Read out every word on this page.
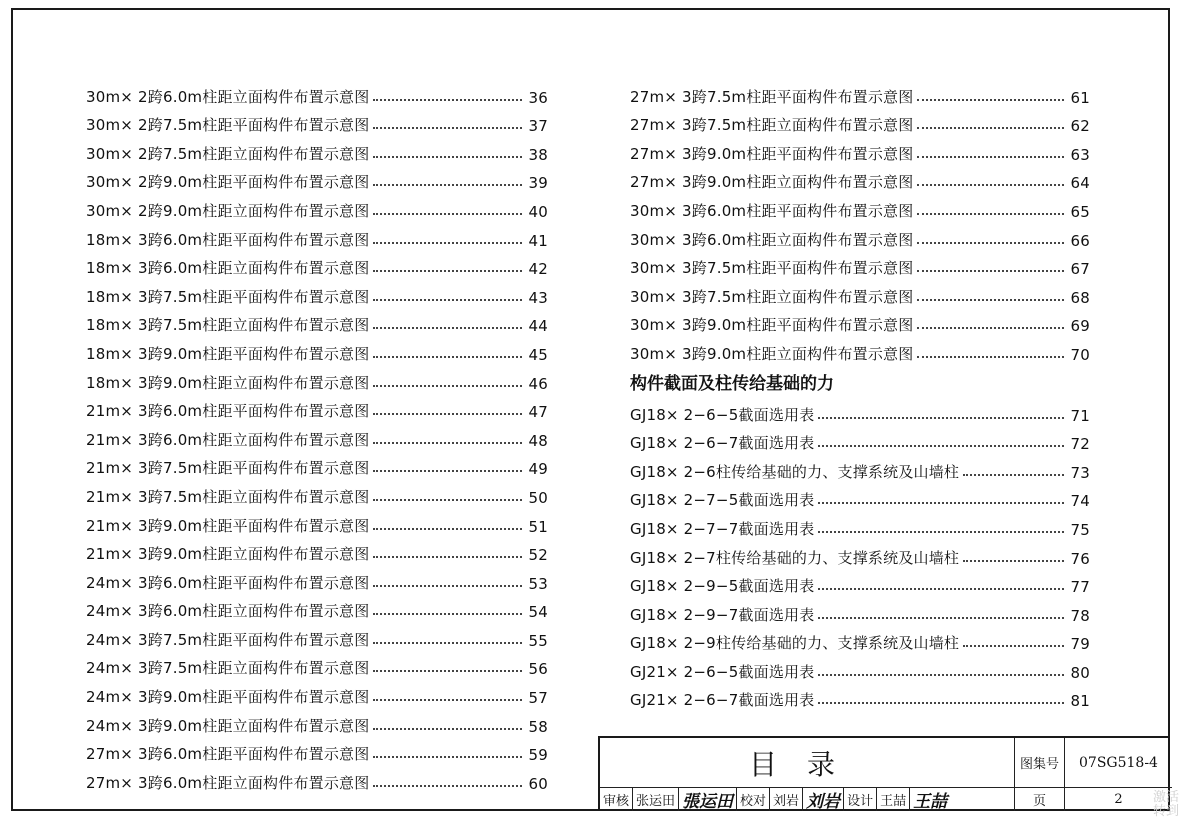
30m× 2跨6.0m柱距立面构件布置示意图	36
30m× 2跨7.5m柱距平面构件布置示意图	37
30m× 2跨7.5m柱距立面构件布置示意图	38
30m× 2跨9.0m柱距平面构件布置示意图	39
30m× 2跨9.0m柱距立面构件布置示意图	40
18m× 3跨6.0m柱距平面构件布置示意图	41
18m× 3跨6.0m柱距立面构件布置示意图	42
18m× 3跨7.5m柱距平面构件布置示意图	43
18m× 3跨7.5m柱距立面构件布置示意图	44
18m× 3跨9.0m柱距平面构件布置示意图	45
18m× 3跨9.0m柱距立面构件布置示意图	46
21m× 3跨6.0m柱距平面构件布置示意图	47
21m× 3跨6.0m柱距立面构件布置示意图	48
21m× 3跨7.5m柱距平面构件布置示意图	49
21m× 3跨7.5m柱距立面构件布置示意图	50
21m× 3跨9.0m柱距平面构件布置示意图	51
21m× 3跨9.0m柱距立面构件布置示意图	52
24m× 3跨6.0m柱距平面构件布置示意图	53
24m× 3跨6.0m柱距立面构件布置示意图	54
24m× 3跨7.5m柱距平面构件布置示意图	55
24m× 3跨7.5m柱距立面构件布置示意图	56
24m× 3跨9.0m柱距平面构件布置示意图	57
24m× 3跨9.0m柱距立面构件布置示意图	58
27m× 3跨6.0m柱距平面构件布置示意图	59
27m× 3跨6.0m柱距立面构件布置示意图	60
27m× 3跨7.5m柱距平面构件布置示意图	61
27m× 3跨7.5m柱距立面构件布置示意图	62
27m× 3跨9.0m柱距平面构件布置示意图	63
27m× 3跨9.0m柱距立面构件布置示意图	64
30m× 3跨6.0m柱距平面构件布置示意图	65
30m× 3跨6.0m柱距立面构件布置示意图	66
30m× 3跨7.5m柱距平面构件布置示意图	67
30m× 3跨7.5m柱距立面构件布置示意图	68
30m× 3跨9.0m柱距平面构件布置示意图	69
30m× 3跨9.0m柱距立面构件布置示意图	70
构件截面及柱传给基础的力
GJ18× 2−6−5截面选用表	71
GJ18× 2−6−7截面选用表	72
GJ18× 2−6柱传给基础的力、支撑系统及山墙柱	73
GJ18× 2−7−5截面选用表	74
GJ18× 2−7−7截面选用表	75
GJ18× 2−7柱传给基础的力、支撑系统及山墙柱	76
GJ18× 2−9−5截面选用表	77
GJ18× 2−9−7截面选用表	78
GJ18× 2−9柱传给基础的力、支撑系统及山墙柱	79
GJ21× 2−6−5截面选用表	80
GJ21× 2−6−7截面选用表	81
目录	图集号	07SG518-4
审核 张运田 張运田 校对 刘岩 刘岩 设计 王喆 王喆	页	2	激活
转到
